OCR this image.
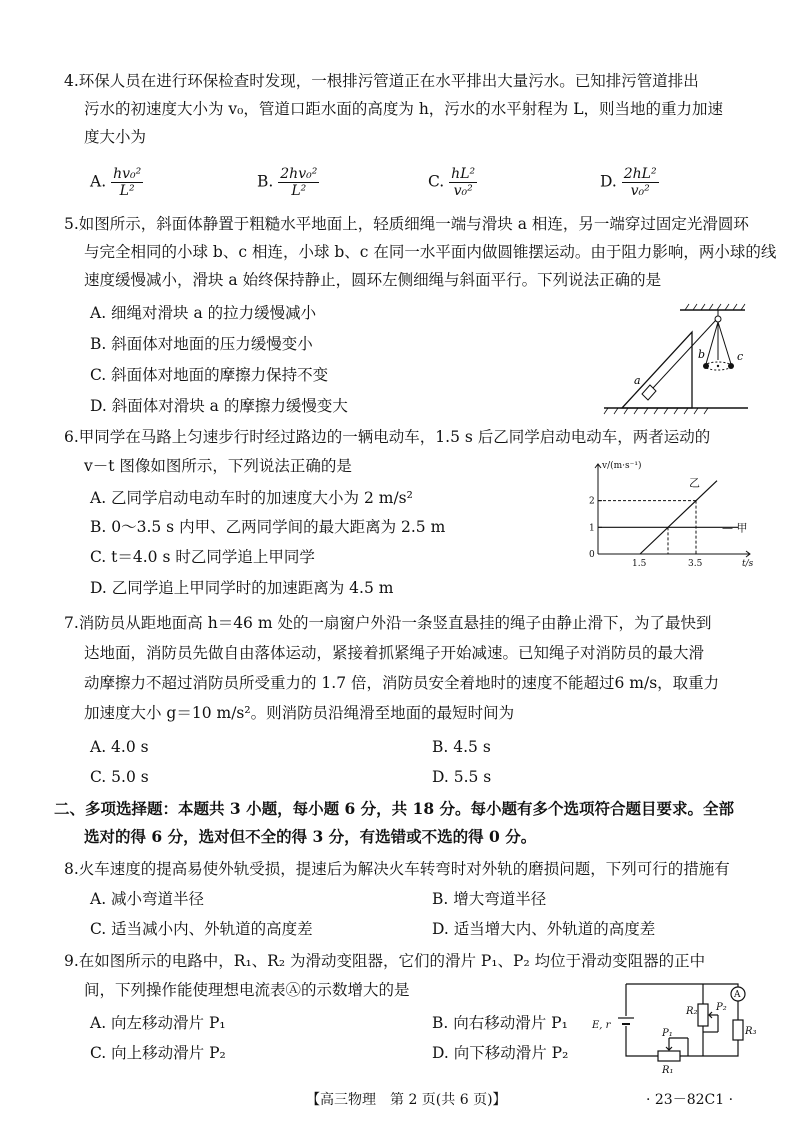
4.环保人员在进行环保检查时发现，一根排污管道正在水平排出大量污水。已知排污管道排出
污水的初速度大小为 v₀，管道口距水面的高度为 h，污水的水平射程为 L，则当地的重力加速
度大小为
A. $\frac{\text{hv₀²}}{\text{L²}}$	B. $\frac{\text{2hv₀²}}{\text{L²}}$	C. $\frac{\text{hL²}}{\text{v₀²}}$	D. $\frac{\text{2hL²}}{\text{v₀²}}$
5.如图所示，斜面体静置于粗糙水平地面上，轻质细绳一端与滑块 a 相连，另一端穿过固定光滑圆环
与完全相同的小球 b、c 相连，小球 b、c 在同一水平面内做圆锥摆运动。由于阻力影响，两小球的线
速度缓慢减小，滑块 a 始终保持静止，圆环左侧细绳与斜面平行。下列说法正确的是
A. 细绳对滑块 a 的拉力缓慢减小
B. 斜面体对地面的压力缓慢变小
C. 斜面体对地面的摩擦力保持不变
D. 斜面体对滑块 a 的摩擦力缓慢变大
a
b	c
6.甲同学在马路上匀速步行时经过路边的一辆电动车，1.5 s 后乙同学启动电动车，两者运动的
v－t 图像如图所示，下列说法正确的是
A. 乙同学启动电动车时的加速度大小为 2 m/s²
B. 0～3.5 s 内甲、乙两同学间的最大距离为 2.5 m
C. t＝4.0 s 时乙同学追上甲同学
D. 乙同学追上甲同学时的加速距离为 4.5 m
v/(m·s⁻¹)
t/s
0
1
2
1.5	3.5
— 甲
乙
7.消防员从距地面高 h＝46 m 处的一扇窗户外沿一条竖直悬挂的绳子由静止滑下，为了最快到
达地面，消防员先做自由落体运动，紧接着抓紧绳子开始减速。已知绳子对消防员的最大滑
动摩擦力不超过消防员所受重力的 1.7 倍，消防员安全着地时的速度不能超过6 m/s，取重力
加速度大小 g＝10 m/s²。则消防员沿绳滑至地面的最短时间为
A. 4.0 s	B. 4.5 s
C. 5.0 s	D. 5.5 s
二、多项选择题：本题共 3 小题，每小题 6 分，共 18 分。每小题有多个选项符合题目要求。全部
选对的得 6 分，选对但不全的得 3 分，有选错或不选的得 0 分。
8.火车速度的提高易使外轨受损，提速后为解决火车转弯时对外轨的磨损问题，下列可行的措施有
A. 减小弯道半径	B. 增大弯道半径
C. 适当减小内、外轨道的高度差	D. 适当增大内、外轨道的高度差
9.在如图所示的电路中，R₁、R₂ 为滑动变阻器，它们的滑片 P₁、P₂ 均位于滑动变阻器的正中
间，下列操作能使理想电流表Ⓐ的示数增大的是
A. 向左移动滑片 P₁	B. 向右移动滑片 P₁
C. 向上移动滑片 P₂	D. 向下移动滑片 P₂
E, r
R₂ P₂
A
R₃
P₁
R₁
【高三物理　第 2 页(共 6 页)】	· 23－82C1 ·
